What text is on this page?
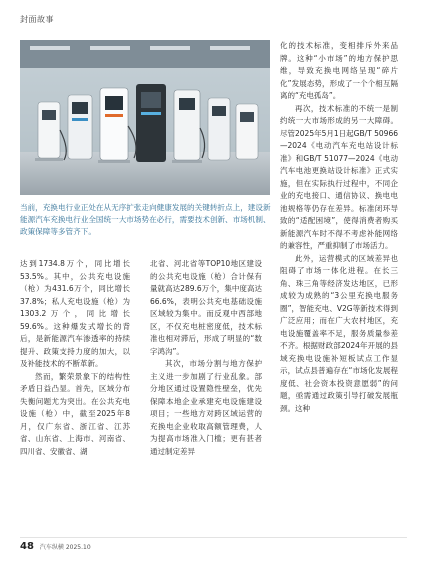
封面故事
当前，充换电行业正处在从无序扩张走向健康发展的关键转折点上，建设新能源汽车充换电行业全国统一大市场势在必行，需要技术创新、市场机制、政策保障等多管齐下。

达到1734.8万个，同比增长53.5%。其中，公共充电设施（枪）为431.6万个，同比增长37.8%；私人充电设施（枪）为1303.2万个，同比增长59.6%。这种爆发式增长的背后，是新能源汽车渗透率的持续提升、政策支持力度的加大，以及补能技术的不断革新。

然而，繁荣景象下的结构性矛盾日益凸显。首先，区域分布失衡问题尤为突出。在公共充电设施（枪）中，截至2025年8月，仅广东省、浙江省、江苏省、山东省、上海市、河南省、四川省、安徽省、湖

北省、河北省等TOP10地区建设的公共充电设施（枪）合计保有量就高达289.6万个，集中度高达66.6%，表明公共充电基础设施区域较为集中。而反观中西部地区，不仅充电桩密度低，技术标准也相对滞后，形成了明显的“数字鸿沟”。

其次，市场分割与地方保护主义进一步加剧了行业乱象。部分地区通过设置隐性壁垒，优先保障本地企业承建充电设施建设项目；一些地方对跨区域运营的充换电企业收取高额管理费，人为提高市场准入门槛；更有甚者通过制定差异

化的技术标准，变相排斥外来品牌。这种“小市场”的地方保护思维，导致充换电网络呈现“碎片化”发展态势，形成了一个个相互隔离的“充电孤岛”。

再次，技术标准的不统一是制约统一大市场形成的另一大障碍。尽管2025年5月1日起GB/T 50966—2024《电动汽车充电站设计标准》和GB/T 51077—2024《电动汽车电池更换站设计标准》正式实施，但在实际执行过程中，不同企业的充电接口、通信协议、换电电池规格等仍存在差异。标准闭环导致的“适配困境”，使得消费者购买新能源汽车时不得不考虑补能网络的兼容性，严重抑制了市场活力。

此外，运营模式的区域差异也阻碍了市场一体化进程。在长三角、珠三角等经济发达地区，已形成较为成熟的“3公里充换电服务圈”，智能充电、V2G等新技术得到广泛应用；而在广大农村地区，充电设施覆盖率不足，服务质量参差不齐。根据财政部2024年开展的县域充换电设施补短板试点工作显示，试点县普遍存在“市场化发展程度低、社会资本投资意愿弱”的问题，亟需通过政策引导打破发展瓶颈。这种

48 汽车纵横 2025.10
